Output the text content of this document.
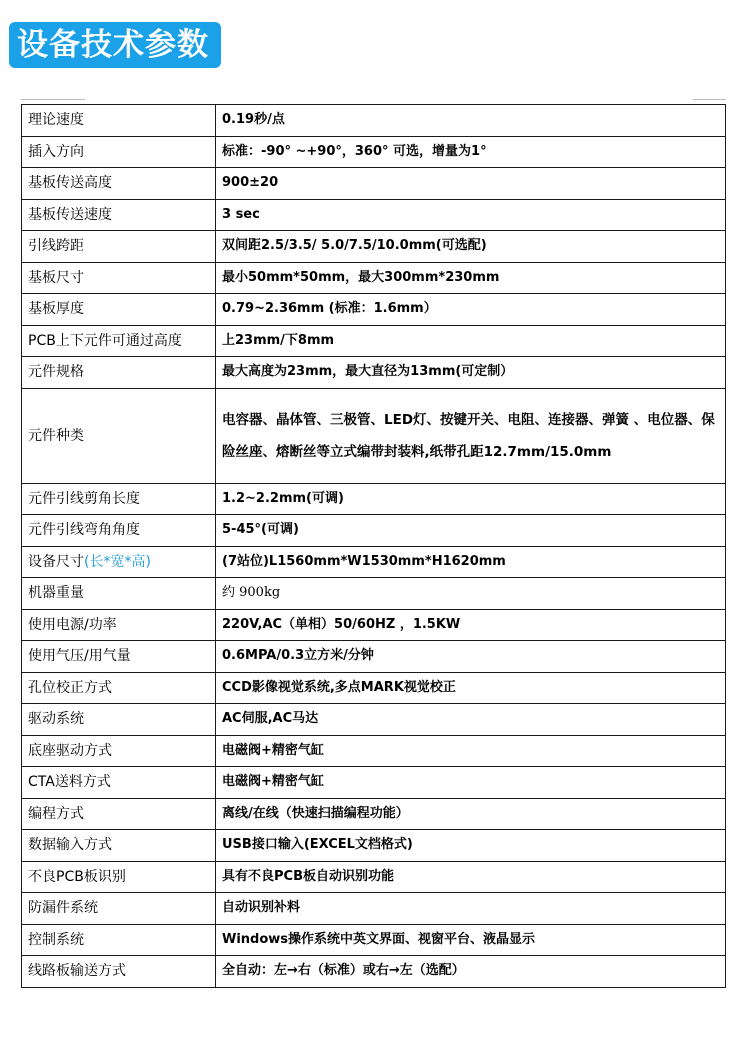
设备技术参数
理论速度	0.19秒/点
插入方向	标准：-90° ~+90°，360° 可选，增量为1°
基板传送高度	900±20
基板传送速度	3 sec
引线跨距	双间距2.5/3.5/ 5.0/7.5/10.0mm(可选配)
基板尺寸	最小50mm*50mm，最大300mm*230mm
基板厚度	0.79~2.36mm (标准：1.6mm）
PCB上下元件可通过高度	上23mm/下8mm
元件规格	最大高度为23mm，最大直径为13mm(可定制）
元件种类	电容器、晶体管、三极管、LED灯、按键开关、电阻、连接器、弹簧 、电位器、保险丝座、熔断丝等立式编带封装料,纸带孔距12.7mm/15.0mm
元件引线剪角长度	1.2~2.2mm(可调)
元件引线弯角角度	5-45°(可调)
设备尺寸(长*宽*高)	(7站位)L1560mm*W1530mm*H1620mm
机器重量	约 900kg
使用电源/功率	220V,AC（单相）50/60HZ ，1.5KW
使用气压/用气量	0.6MPA/0.3立方米/分钟
孔位校正方式	CCD影像视觉系统,多点MARK视觉校正
驱动系统	AC伺服,AC马达
底座驱动方式	电磁阀+精密气缸
CTA送料方式	电磁阀+精密气缸
编程方式	离线/在线（快速扫描编程功能）
数据输入方式	USB接口输入(EXCEL文档格式)
不良PCB板识别	具有不良PCB板自动识别功能
防漏件系统	自动识别补料
控制系统	Windows操作系统中英文界面、视窗平台、液晶显示
线路板输送方式	全自动：左→右（标准）或右→左（选配）
